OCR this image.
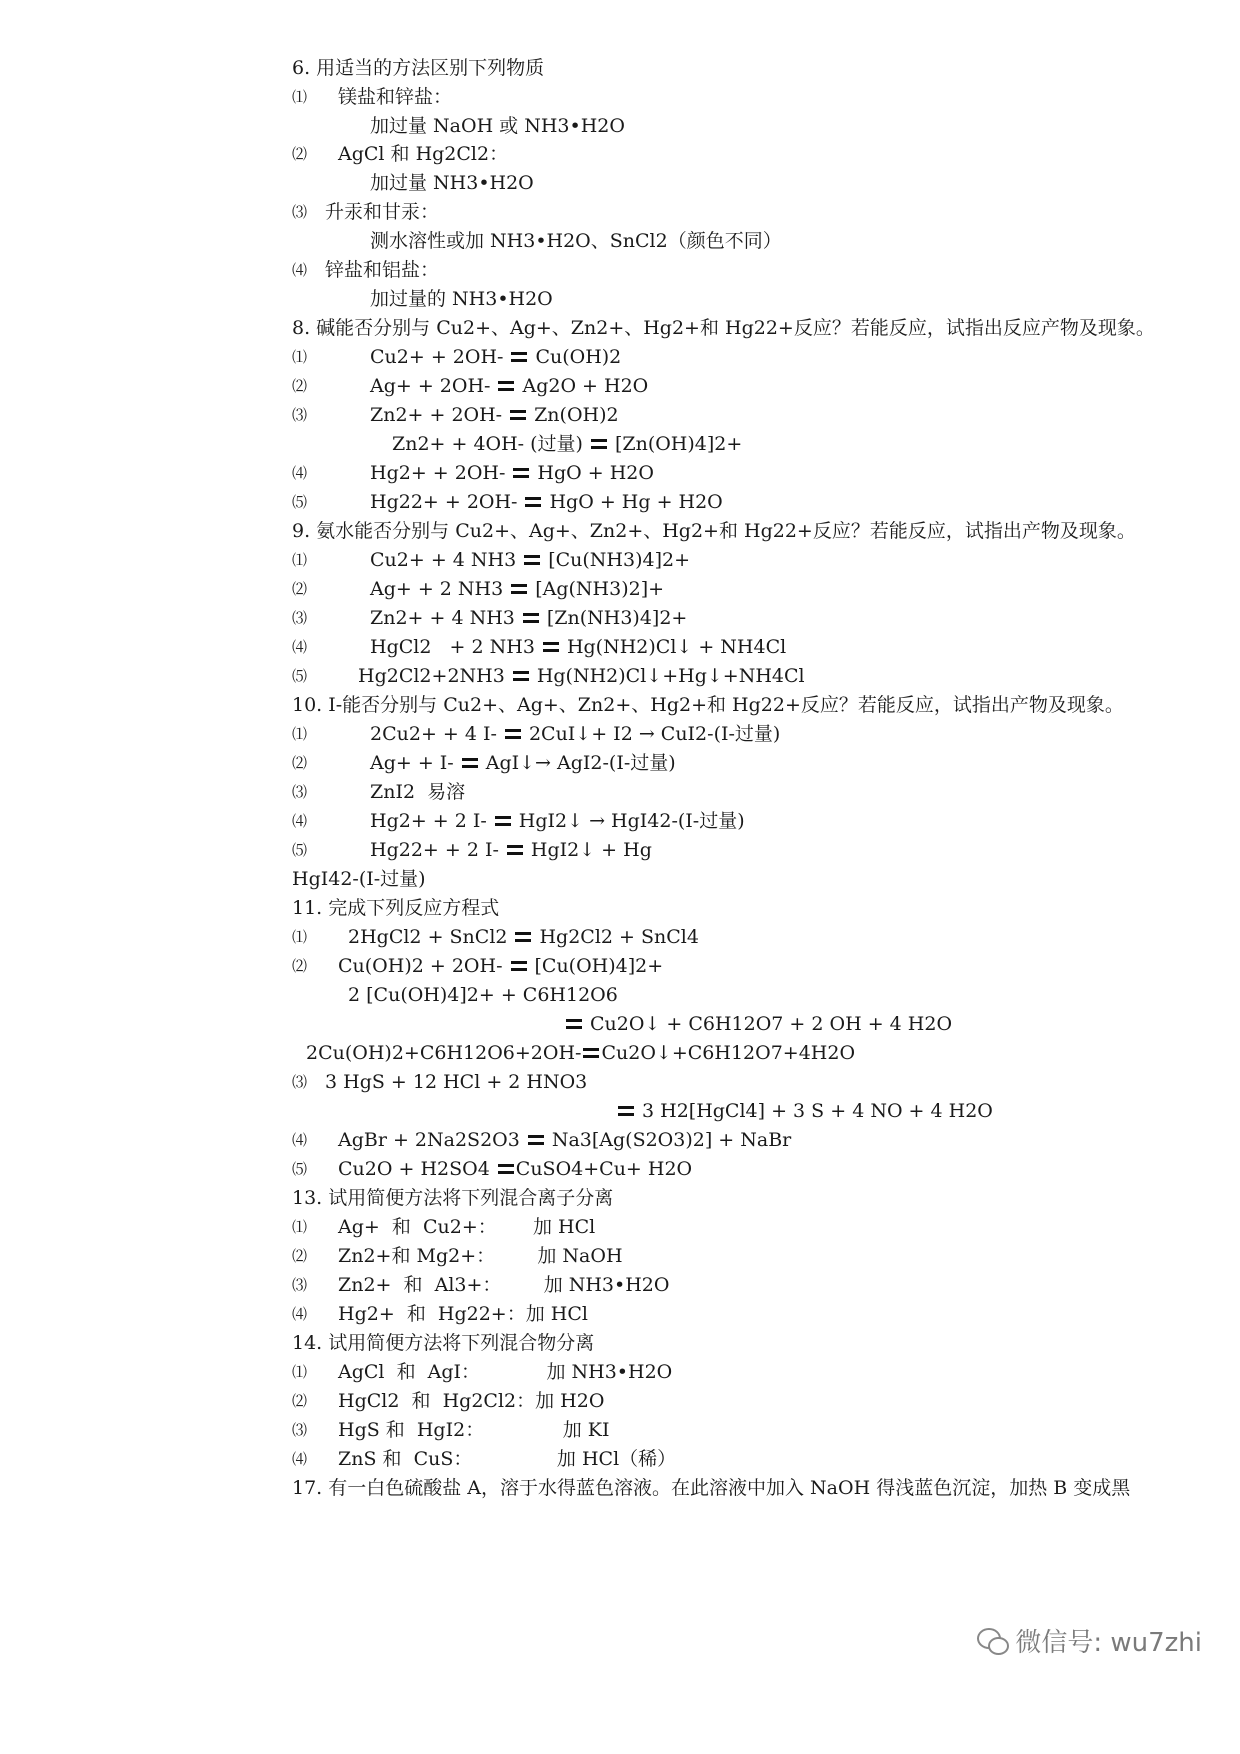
6. 用适当的方法区别下列物质
⑴ 镁盐和锌盐：
加过量 NaOH 或 NH3•H2O
⑵ AgCl 和 Hg2Cl2：
加过量 NH3•H2O
⑶ 升汞和甘汞：
测水溶性或加 NH3•H2O、SnCl2（颜色不同）
⑷ 锌盐和铝盐：
加过量的 NH3•H2O
8. 碱能否分别与 Cu2+、Ag+、Zn2+、Hg2+和 Hg22+反应？若能反应，试指出反应产物及现象。
⑴	Cu2+ + 2OH- Cu(OH)2
⑵	Ag+ + 2OH- Ag2O + H2O
⑶	Zn2+ + 2OH- Zn(OH)2
Zn2+ + 4OH- (过量) [Zn(OH)4]2+
⑷	Hg2+ + 2OH- HgO + H2O
⑸	Hg22+ + 2OH- HgO + Hg + H2O
9. 氨水能否分别与 Cu2+、Ag+、Zn2+、Hg2+和 Hg22+反应？若能反应，试指出产物及现象。
⑴	Cu2+ + 4 NH3 [Cu(NH3)4]2+
⑵	Ag+ + 2 NH3 [Ag(NH3)2]+
⑶	Zn2+ + 4 NH3 [Zn(NH3)4]2+
⑷	HgCl2   + 2 NH3 Hg(NH2)Cl↓ + NH4Cl
⑸	Hg2Cl2+2NH3 Hg(NH2)Cl↓+Hg↓+NH4Cl
10. I-能否分别与 Cu2+、Ag+、Zn2+、Hg2+和 Hg22+反应？若能反应，试指出产物及现象。
⑴	2Cu2+ + 4 I- 2CuI↓+ I2 → CuI2-(I-过量)
⑵	Ag+ + I- AgI↓→ AgI2-(I-过量)
⑶	ZnI2  易溶
⑷	Hg2+ + 2 I- HgI2↓ → HgI42-(I-过量)
⑸	Hg22+ + 2 I- HgI2↓ + Hg
HgI42-(I-过量)
11. 完成下列反应方程式
⑴ 2HgCl2 + SnCl2 Hg2Cl2 + SnCl4
⑵ Cu(OH)2 + 2OH- [Cu(OH)4]2+
2 [Cu(OH)4]2+ + C6H12O6
Cu2O↓ + C6H12O7 + 2 OH + 4 H2O
2Cu(OH)2+C6H12O6+2OH- Cu2O↓+C6H12O7+4H2O
⑶ 3 HgS + 12 HCl + 2 HNO3
3 H2[HgCl4] + 3 S + 4 NO + 4 H2O
⑷ AgBr + 2Na2S2O3 Na3[Ag(S2O3)2] + NaBr
⑸ Cu2O + H2SO4 CuSO4+Cu+ H2O
13. 试用简便方法将下列混合离子分离
⑴ Ag+  和  Cu2+：      加 HCl
⑵ Zn2+和 Mg2+：       加 NaOH
⑶ Zn2+  和  Al3+：       加 NH3•H2O
⑷ Hg2+  和  Hg22+：加 HCl
14. 试用简便方法将下列混合物分离
⑴ AgCl  和  AgI：           加 NH3•H2O
⑵ HgCl2  和  Hg2Cl2：加 H2O
⑶ HgS 和  HgI2：             加 KI
⑷ ZnS 和  CuS：              加 HCl（稀）
17. 有一白色硫酸盐 A，溶于水得蓝色溶液。在此溶液中加入 NaOH 得浅蓝色沉淀，加热 B 变成黑
微信号: wu7zhi
